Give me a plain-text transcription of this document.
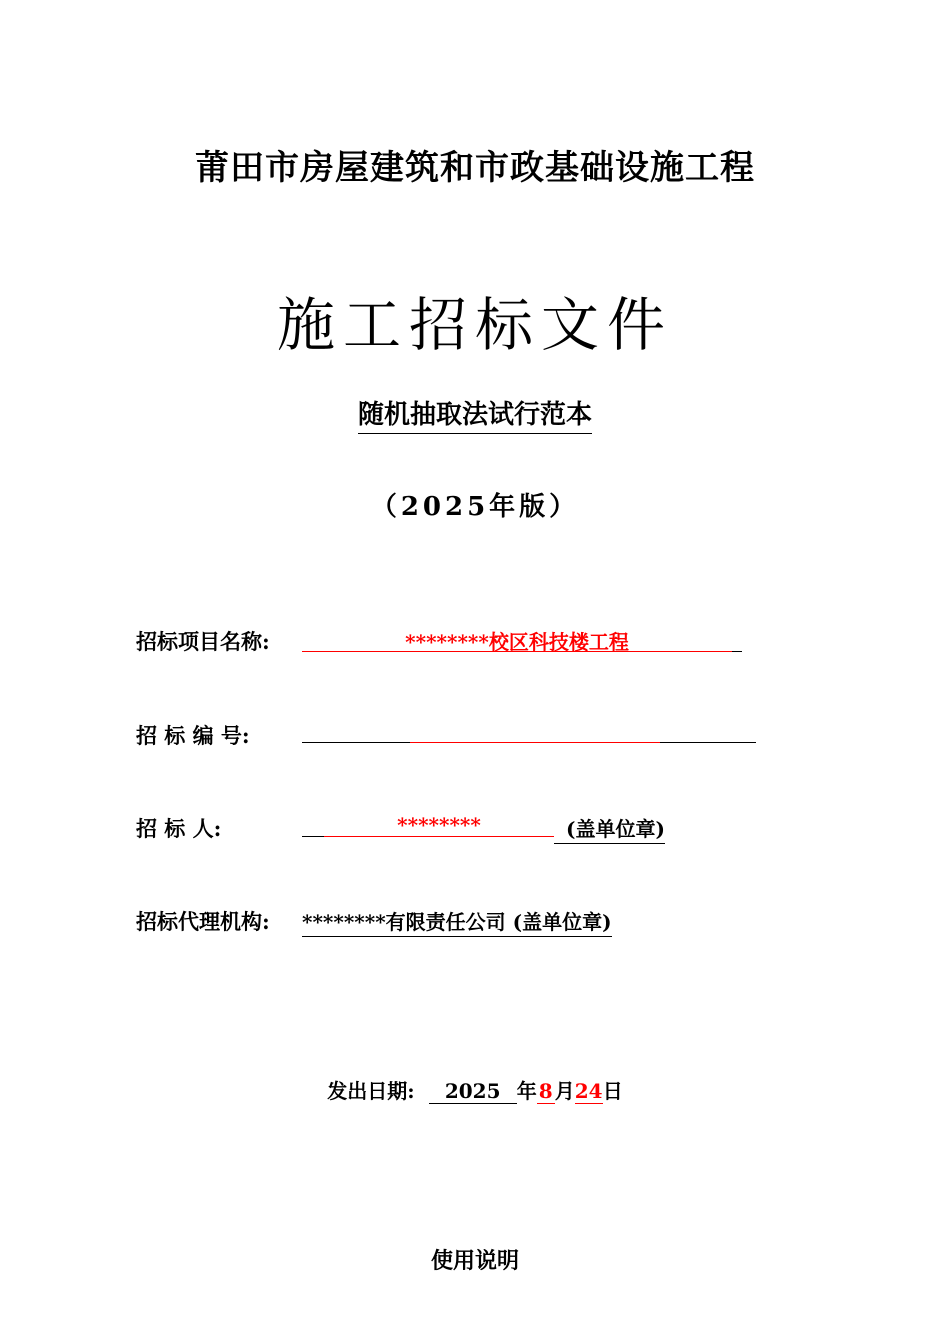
莆田市房屋建筑和市政基础设施工程
施工招标文件
随机抽取法试行范本
（2025年版）
招标项目名称:	********校区科技楼工程
招 标 编 号:
招 标 人:	********	(盖单位章)
招标代理机构: ********有限责任公司 (盖单位章)
发出日期: 2025 年 8 月24日
使用说明
